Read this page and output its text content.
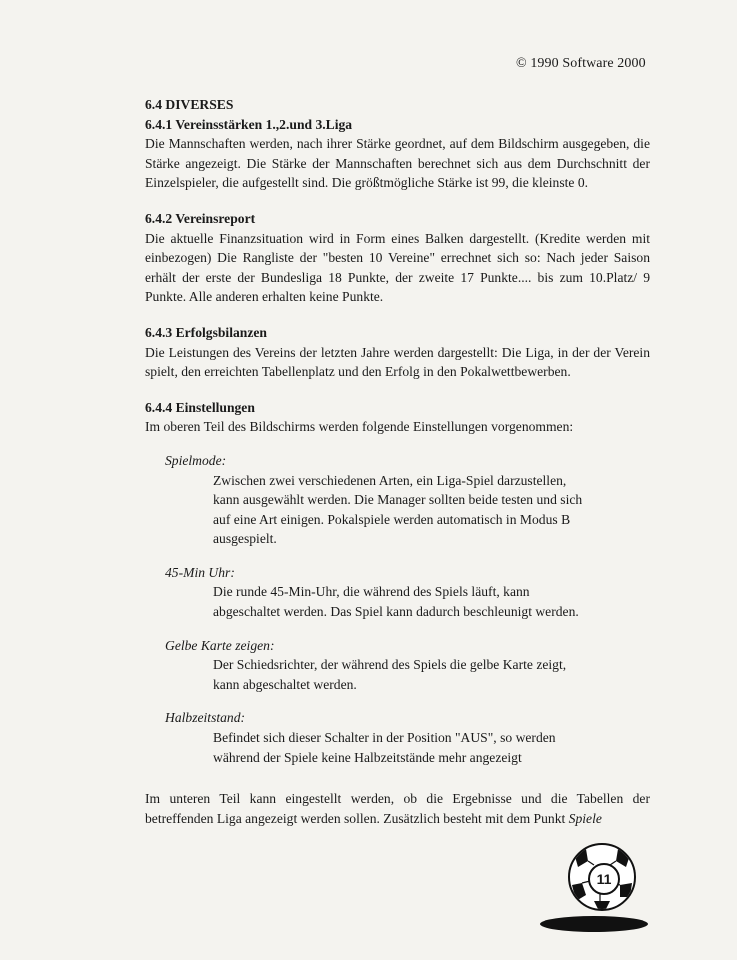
© 1990 Software 2000
6.4 DIVERSES
6.4.1 Vereinsstärken 1.,2.und 3.Liga

Die Mannschaften werden, nach ihrer Stärke geordnet, auf dem Bildschirm ausgegeben, die Stärke angezeigt. Die Stärke der Mannschaften berechnet sich aus dem Durchschnitt der Einzelspieler, die aufgestellt sind. Die größtmögliche Stärke ist 99, die kleinste 0.

6.4.2 Vereinsreport

Die aktuelle Finanzsituation wird in Form eines Balken dargestellt. (Kredite werden mit einbezogen) Die Rangliste der "besten 10 Vereine" errechnet sich so: Nach jeder Saison erhält der erste der Bundesliga 18 Punkte, der zweite 17 Punkte.... bis zum 10.Platz/ 9 Punkte. Alle anderen erhalten keine Punkte.

6.4.3 Erfolgsbilanzen

Die Leistungen des Vereins der letzten Jahre werden dargestellt: Die Liga, in der der Verein spielt, den erreichten Tabellenplatz und den Erfolg in den Pokalwettbewerben.

6.4.4 Einstellungen

Im oberen Teil des Bildschirms werden folgende Einstellungen vorgenommen:

Spielmode:
Zwischen zwei verschiedenen Arten, ein Liga-Spiel darzustellen, kann ausgewählt werden. Die Manager sollten beide testen und sich auf eine Art einigen. Pokalspiele werden automatisch in Modus B ausgespielt.
45-Min Uhr:
Die runde 45-Min-Uhr, die während des Spiels läuft, kann abgeschaltet werden. Das Spiel kann dadurch beschleunigt werden.
Gelbe Karte zeigen:
Der Schiedsrichter, der während des Spiels die gelbe Karte zeigt, kann abgeschaltet werden.
Halbzeitstand:
Befindet sich dieser Schalter in der Position "AUS", so werden während der Spiele keine Halbzeitstände mehr angezeigt

Im unteren Teil kann eingestellt werden, ob die Ergebnisse und die Tabellen der betreffenden Liga angezeigt werden sollen. Zusätzlich besteht mit dem Punkt Spiele

11
